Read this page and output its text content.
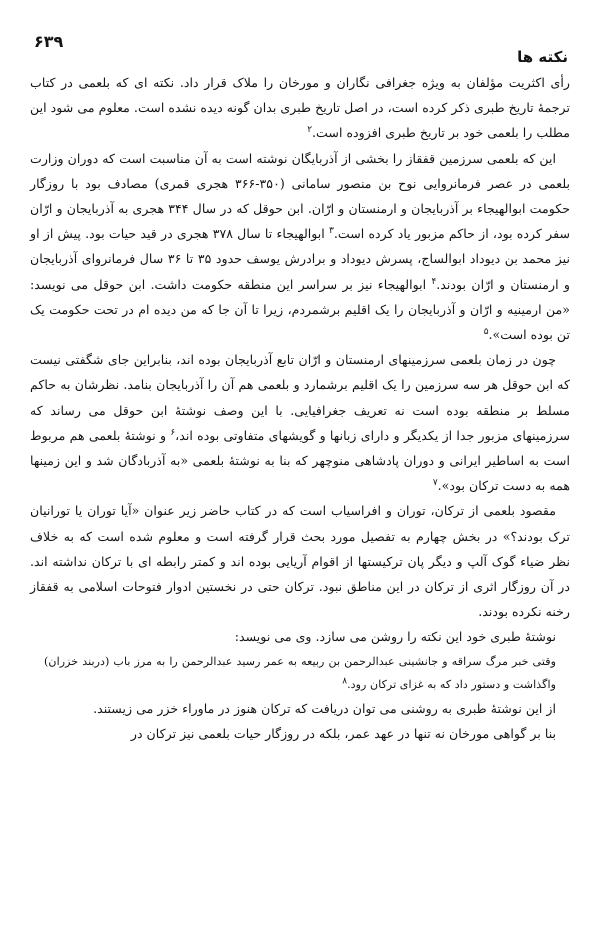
۶۳۹
نکته ها

رأی اکثریت مؤلفان به ویژه جغرافی نگاران و مورخان را ملاک قرار داد. نکته ای که بلعمی در کتاب ترجمهٔ تاریخ طبری ذکر کرده است، در اصل تاریخ طبری بدان گونه دیده نشده است. معلوم می شود این مطلب را بلعمی خود بر تاریخ طبری افزوده است.$^۲$

این که بلعمی سرزمین قفقاز را بخشی از آذربایگان نوشته است به آن مناسبت است که دوران وزارت بلعمی در عصر فرمانروایی نوح بن منصور سامانی (۳۵۰-۳۶۶ هجری قمری) مصادف بود با روزگار حکومت ابوالهیجاء بر آذربایجان و ارمنستان و ارّان. ابن حوقل که در سال ۳۴۴ هجری به آذربایجان و ارّان سفر کرده بود، از حاکم مزبور یاد کرده است.$^۳$ ابوالهیجاء تا سال ۳۷۸ هجری در قید حیات بود. پیش از او نیز محمد بن دیوداد ابوالساج، پسرش دیوداد و برادرش یوسف حدود ۳۵ تا ۳۶ سال فرمانروای آذربایجان و ارمنستان و ارّان بودند.$^۴$ ابوالهیجاء نیز بر سراسر این منطقه حکومت داشت. ابن حوقل می نویسد: «من ارمینیه و ارّان و آذربایجان را یک اقلیم برشمردم، زیرا تا آن جا که من دیده ام در تحت حکومت یک تن بوده است».$^۵$

چون در زمان بلعمی سرزمینهای ارمنستان و ارّان تابع آذربایجان بوده اند، بنابراین جای شگفتی نیست که ابن حوقل هر سه سرزمین را یک اقلیم برشمارد و بلعمی هم آن را آذربایجان بنامد. نظرشان به حاکم مسلط بر منطقه بوده است نه تعریف جغرافیایی. با این وصف نوشتهٔ ابن حوقل می رساند که سرزمینهای مزبور جدا از یکدیگر و دارای زبانها و گویشهای متفاوتی بوده اند،$^۶$ و نوشتهٔ بلعمی هم مربوط است به اساطیر ایرانی و دوران پادشاهی منوچهر که بنا به نوشتهٔ بلعمی «به آذربادگان شد و این زمینها همه به دست ترکان بود».$^۷$

مقصود بلعمی از ترکان، توران و افراسیاب است که در کتاب حاضر زیر عنوان «آیا توران یا تورانیان ترک بودند؟» در بخش چهارم به تفصیل مورد بحث قرار گرفته است و معلوم شده است که به خلاف نظر ضیاء گوک آلپ و دیگر پان ترکیستها از اقوام آریایی بوده اند و کمتر رابطه ای با ترکان نداشته اند. در آن روزگار اثری از ترکان در این مناطق نبود. ترکان حتی در نخستین ادوار فتوحات اسلامی به قفقاز رخنه نکرده بودند.

نوشتهٔ طبری خود این نکته را روشن می سازد. وی می نویسد:

وقتی خبر مرگ سراقه و جانشینی عبدالرحمن بن ربیعه به عمر رسید عبدالرحمن را به مرز باب (دربند خزران) واگذاشت و دستور داد که به غزای ترکان رود.$^۸$

از این نوشتهٔ طبری به روشنی می توان دریافت که ترکان هنوز در ماوراء خزر می زیستند.

بنا بر گواهی مورخان نه تنها در عهد عمر، بلکه در روزگار حیات بلعمی نیز ترکان در
